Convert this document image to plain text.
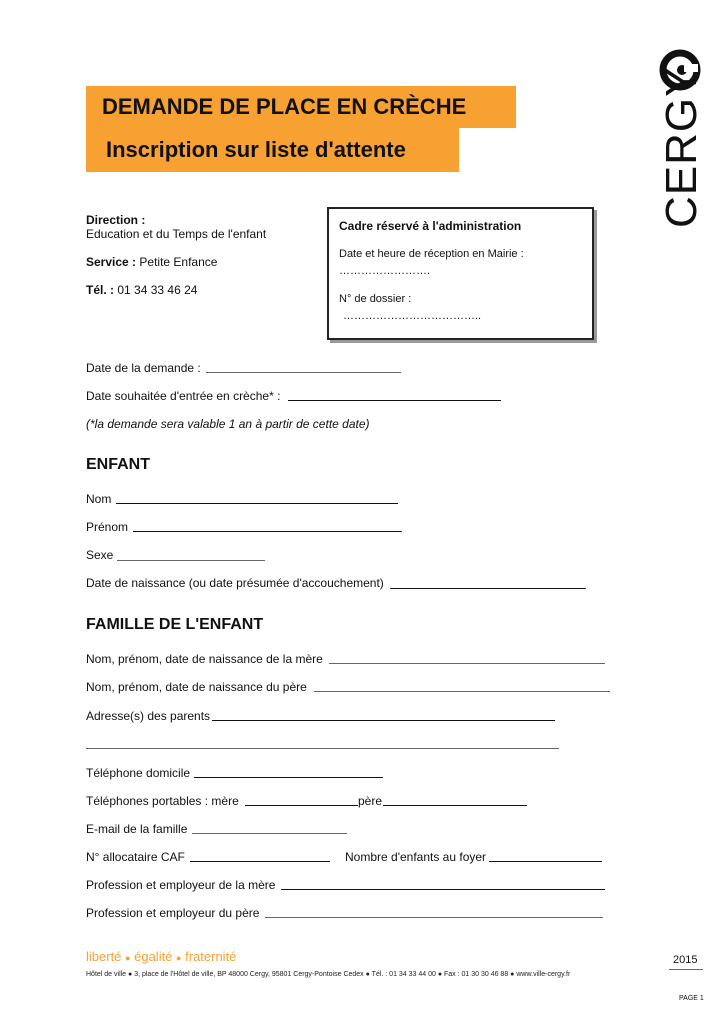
CERGY
DEMANDE DE PLACE EN CRÈCHE
Inscription sur liste d'attente
Direction :
Education et du Temps de l'enfant
Service : Petite Enfance
Tél. : 01 34 33 46 24
Cadre réservé à l'administration
Date et heure de réception en Mairie :
…………………….
N° de dossier :
………………………………..
Date de la demande :
Date souhaitée d'entrée en crèche* :
(*la demande sera valable 1 an à partir de cette date)
ENFANT
Nom
Prénom
Sexe
Date de naissance (ou date présumée d'accouchement)
FAMILLE DE L'ENFANT
Nom, prénom, date de naissance de la mère
Nom, prénom, date de naissance du père
Adresse(s) des parents
Téléphone domicile
Téléphones portables : mère	père
E-mail de la famille
N° allocataire CAF	Nombre d'enfants au foyer
Profession et employeur de la mère
Profession et employeur du père
liberté ● égalité ● fraternité
Hôtel de ville ● 3, place de l'Hôtel de ville, BP 48000 Cergy, 95801 Cergy-Pontoise Cedex ● Tél. : 01 34 33 44 00 ● Fax : 01 30 30 46 88 ● www.ville-cergy.fr
2015
PAGE 1
